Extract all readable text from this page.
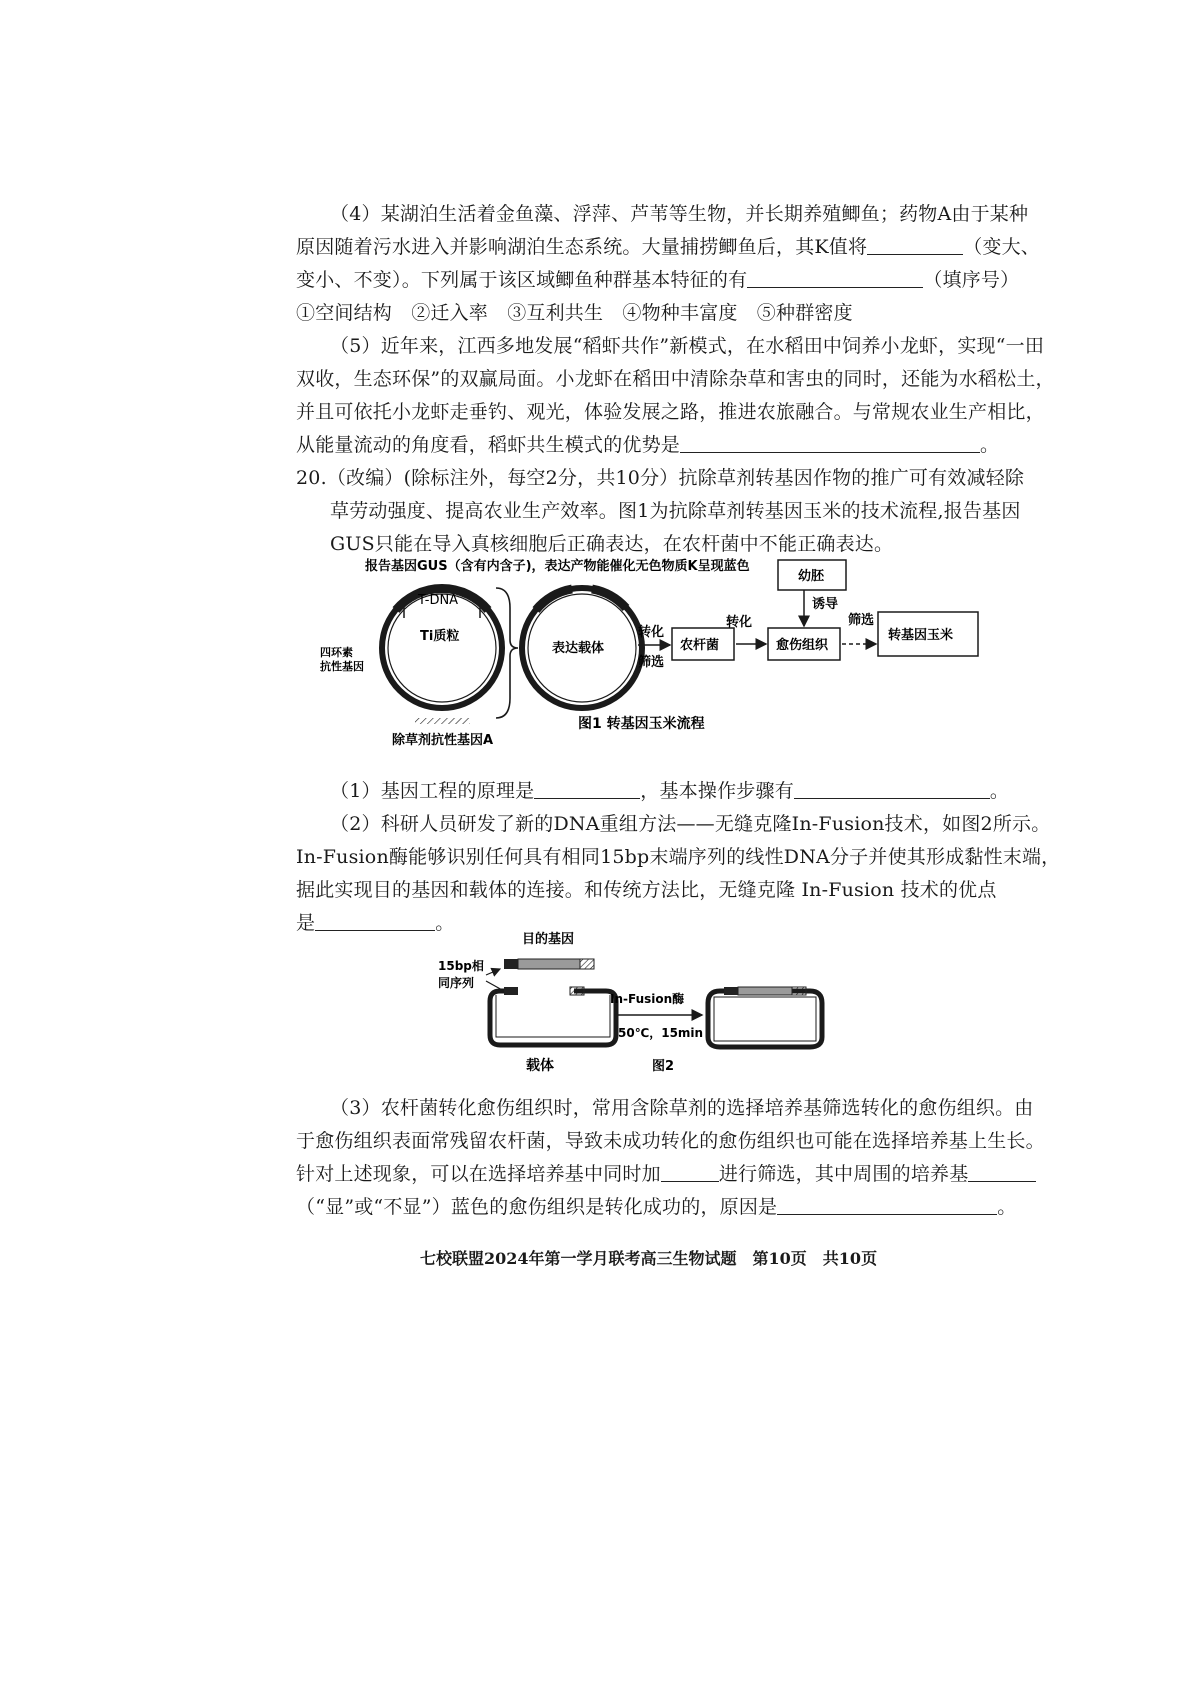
（4）某湖泊生活着金鱼藻、浮萍、芦苇等生物，并长期养殖鲫鱼；药物A由于某种
原因随着污水进入并影响湖泊生态系统。大量捕捞鲫鱼后，其K值将	（变大、
变小、不变）。下列属于该区域鲫鱼种群基本特征的有	（填序号）
①空间结构　②迁入率　③互利共生　④物种丰富度　⑤种群密度
（5）近年来，江西多地发展“稻虾共作”新模式，在水稻田中饲养小龙虾，实现“一田
双收，生态环保”的双赢局面。小龙虾在稻田中清除杂草和害虫的同时，还能为水稻松土，
并且可依托小龙虾走垂钓、观光，体验发展之路，推进农旅融合。与常规农业生产相比，
从能量流动的角度看，稻虾共生模式的优势是	。
20.（改编）(除标注外，每空2分，共10分）抗除草剂转基因作物的推广可有效减轻除
草劳动强度、提高农业生产效率。图1为抗除草剂转基因玉米的技术流程,报告基因
GUS只能在导入真核细胞后正确表达，在农杆菌中不能正确表达。
报告基因GUS（含有内含子)，表达产物能催化无色物质K呈现蓝色
T-DNA
Ti质粒
四环素
抗性基因
除草剂抗性基因A
表达载体
转化
筛选
农杆菌
转化
愈伤组织
幼胚
诱导
筛选
转基因玉米
图1 转基因玉米流程
（1）基因工程的原理是	，基本操作步骤有	。
（2）科研人员研发了新的DNA重组方法——无缝克隆In-Fusion技术，如图2所示。
In-Fusion酶能够识别任何具有相同15bp末端序列的线性DNA分子并使其形成黏性末端，
据此实现目的基因和载体的连接。和传统方法比，无缝克隆 In-Fusion 技术的优点
是	。
目的基因
15bp相
同序列
载体
In-Fusion酶
50℃，15min
图2
（3）农杆菌转化愈伤组织时，常用含除草剂的选择培养基筛选转化的愈伤组织。由
于愈伤组织表面常残留农杆菌，导致未成功转化的愈伤组织也可能在选择培养基上生长。
针对上述现象，可以在选择培养基中同时加	进行筛选，其中周围的培养基
（“显”或“不显”）蓝色的愈伤组织是转化成功的，原因是	。
七校联盟2024年第一学月联考高三生物试题　第10页　共10页
